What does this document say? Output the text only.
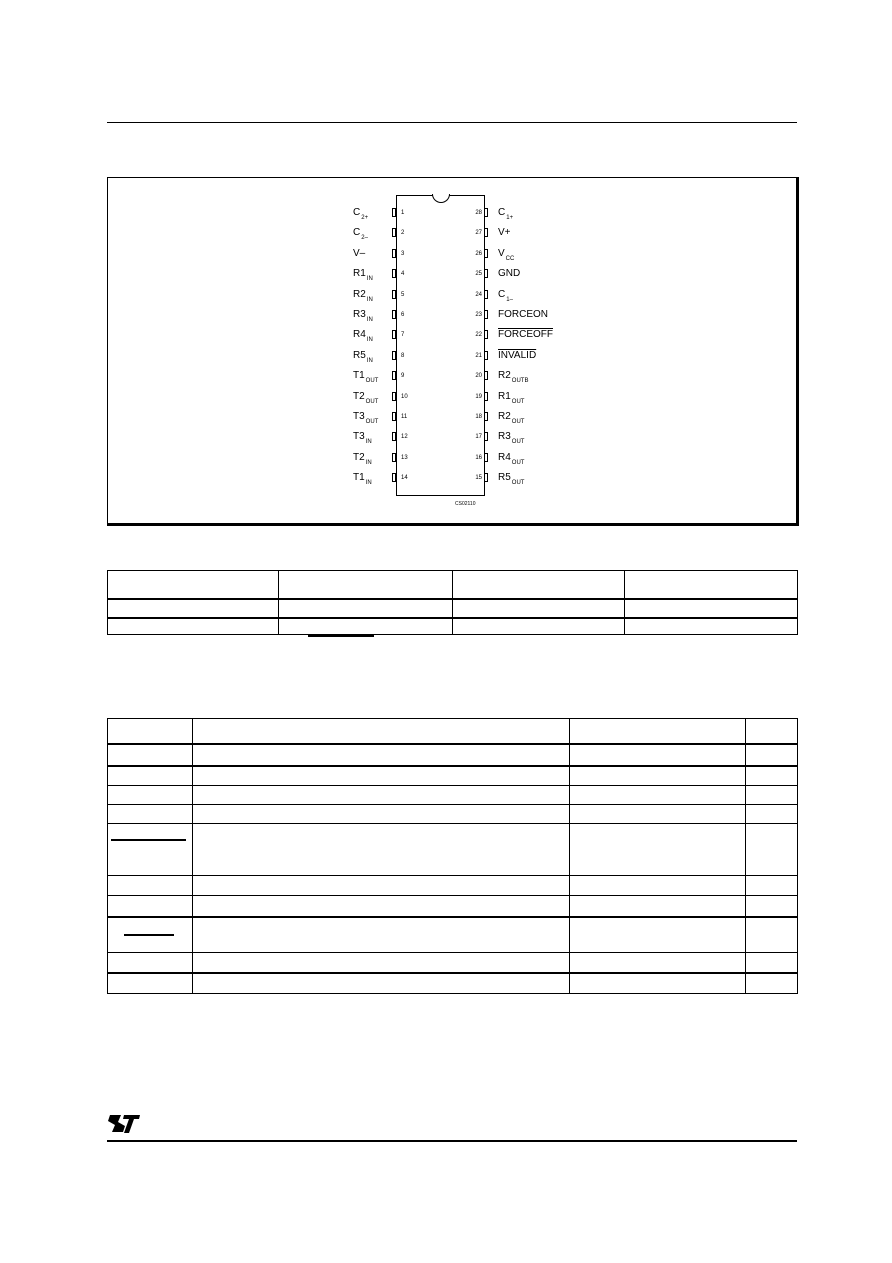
1
$C_{2+}$
2
$C_{2-}$
3
V–
4
$R1_{IN}$
5
$R2_{IN}$
6
$R3_{IN}$
7
$R4_{IN}$
8
$R5_{IN}$
9
$T1_{OUT}$
10
$T2_{OUT}$
11
$T3_{OUT}$
12
$T3_{IN}$
13
$T2_{IN}$
14
$T1_{IN}$
28 $C_{1+}$
27 V+
26 $V_{CC}$
25 GND
24 $C_{1-}$
23 FORCEON
22 FORCEOFF
21 INVALID
20 $R2_{OUTB}$
19 $R1_{OUT}$
18 $R2_{OUT}$
17 $R3_{OUT}$
16 $R4_{OUT}$
15 $R5_{OUT}$
CS02110
